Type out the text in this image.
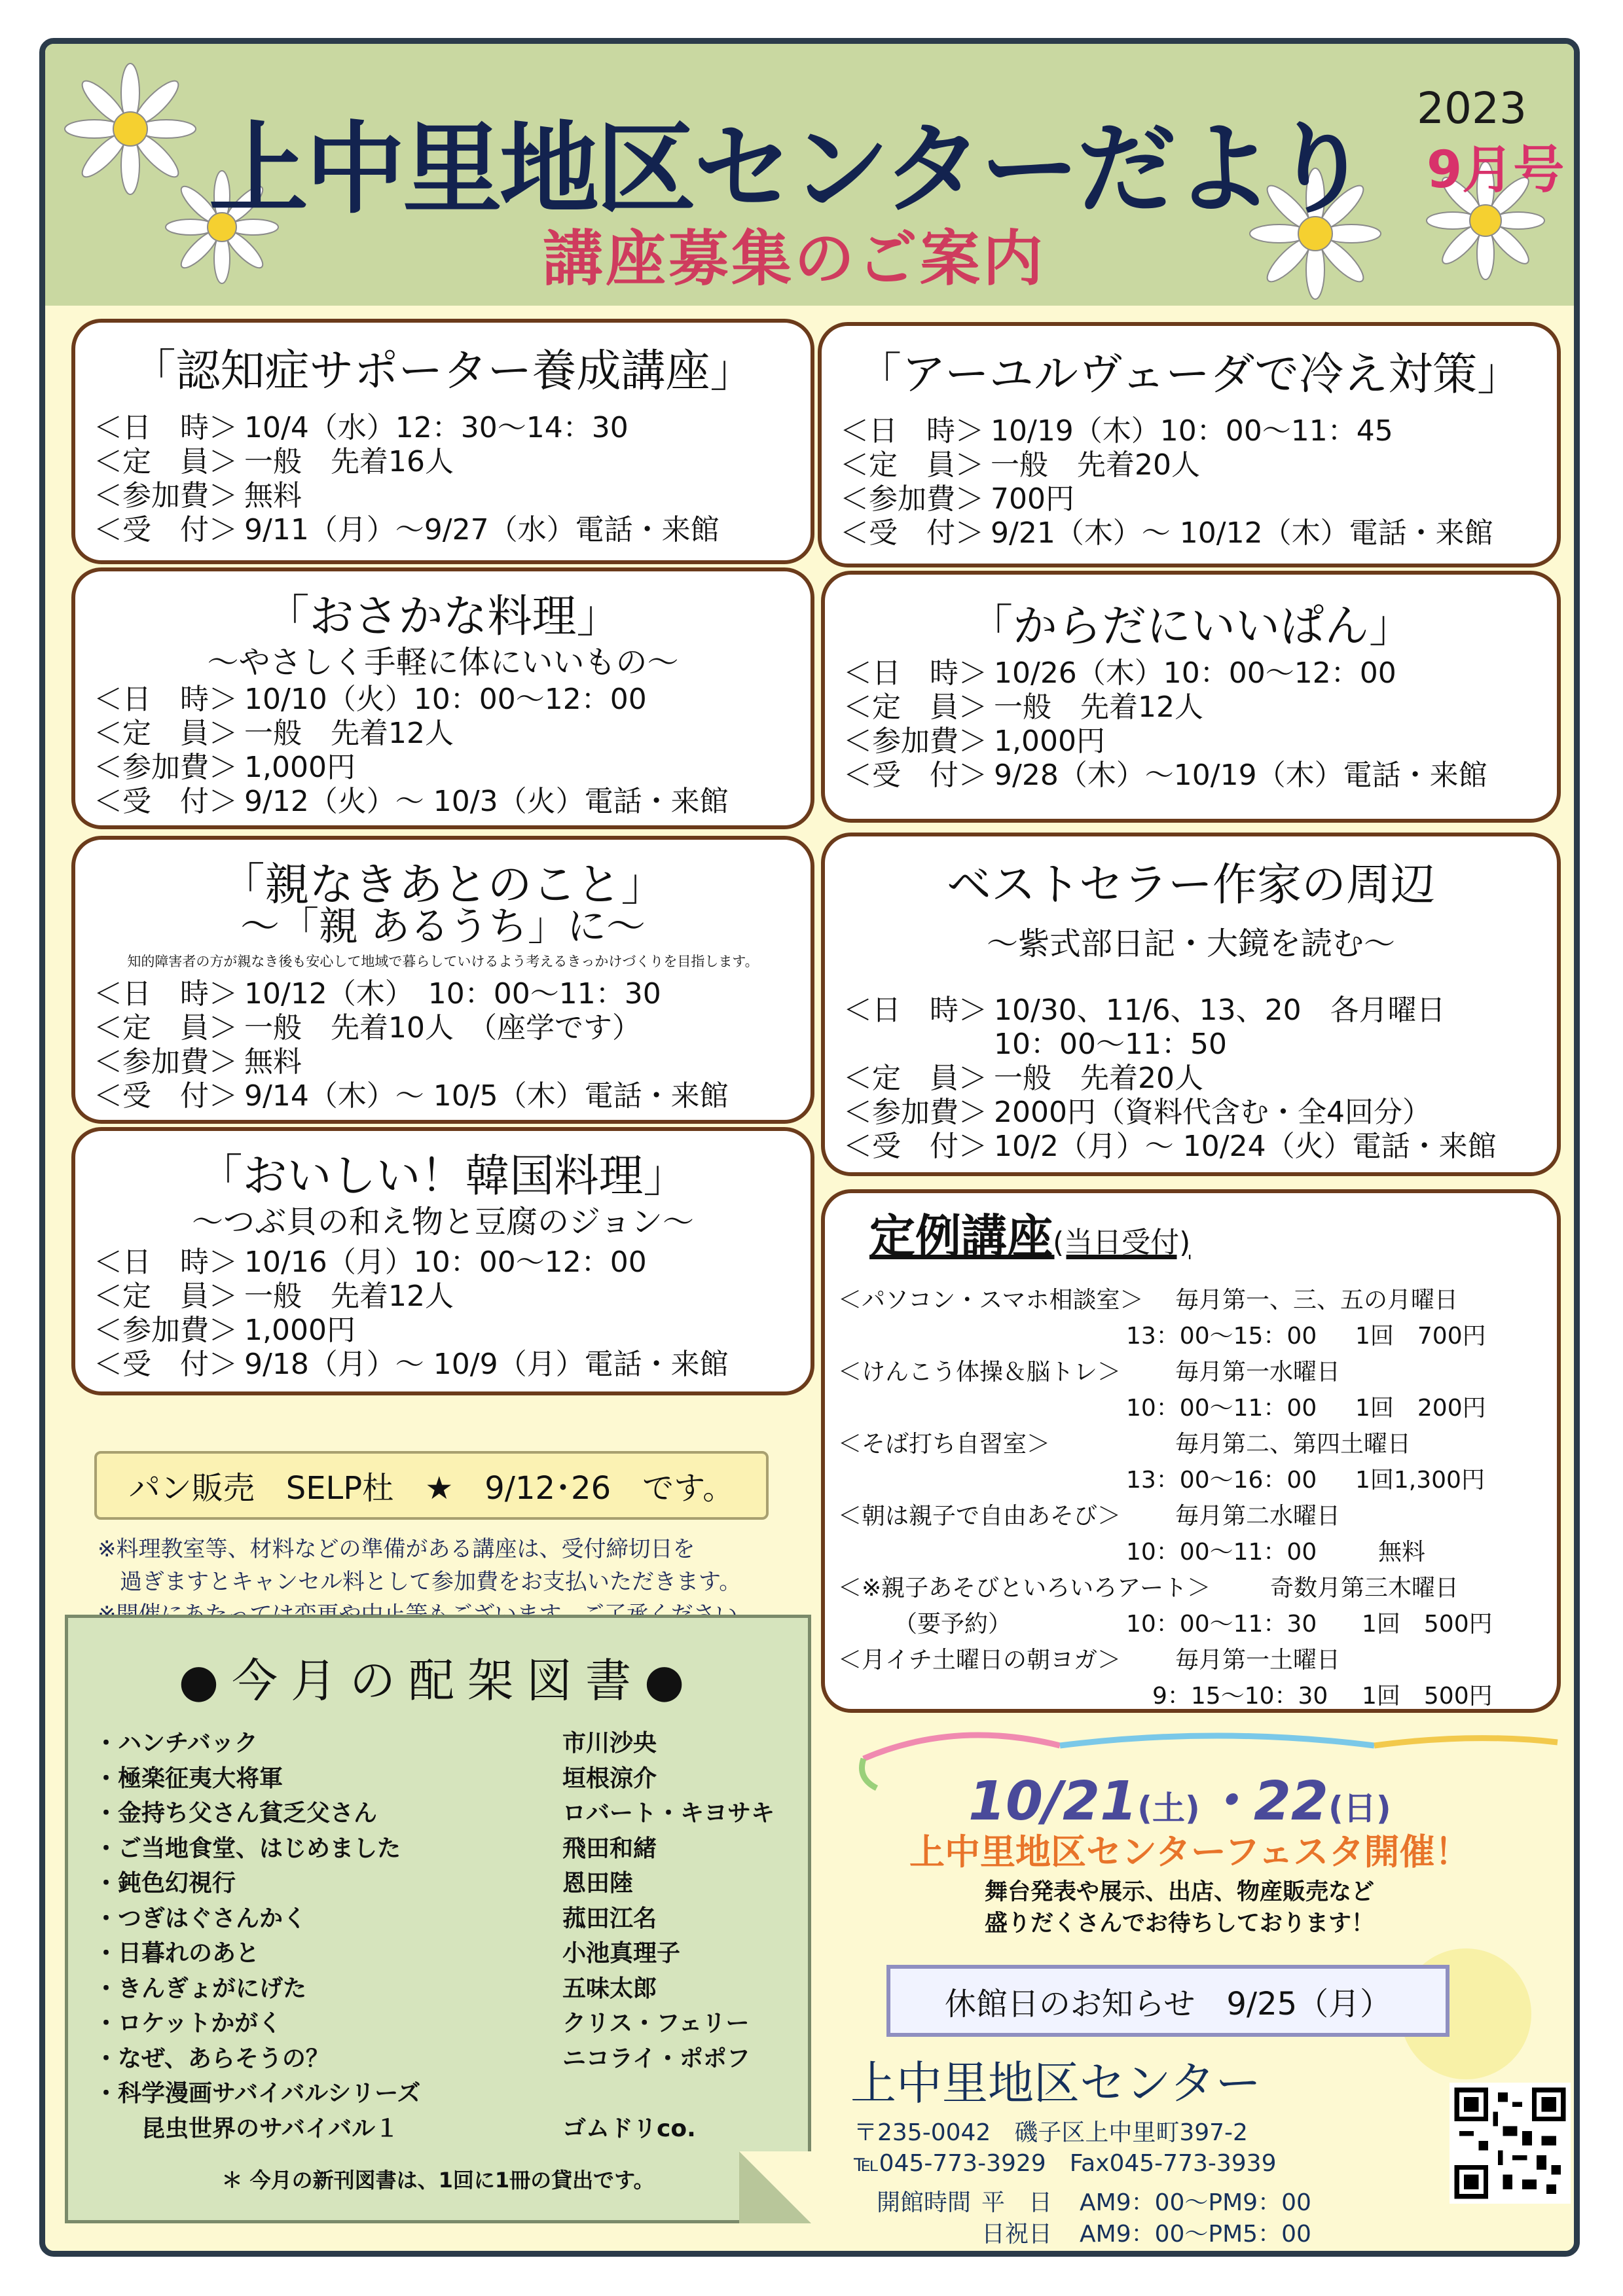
上中里地区センターだより
講座募集のご案内
2023
9月号
「認知症サポーター養成講座」
＜日　時＞ 10/4（水）12：30～14：30
＜定　員＞ 一般　先着16人
＜参加費＞ 無料
＜受　付＞ 9/11（月）～9/27（水）電話・来館
「アーユルヴェーダで冷え対策」
＜日　時＞ 10/19（木）10：00～11：45
＜定　員＞ 一般　先着20人
＜参加費＞ 700円
＜受　付＞ 9/21（木）～ 10/12（木）電話・来館
「おさかな料理」
～やさしく手軽に体にいいもの～
＜日　時＞ 10/10（火）10：00～12：00
＜定　員＞ 一般　先着12人
＜参加費＞ 1,000円
＜受　付＞ 9/12（火）～ 10/3（火）電話・来館
「からだにいいぱん」
＜日　時＞ 10/26（木）10：00～12：00
＜定　員＞ 一般　先着12人
＜参加費＞ 1,000円
＜受　付＞ 9/28（木）～10/19（木）電話・来館
「親なきあとのこと」
～「親 あるうち」に～
知的障害者の方が親なき後も安心して地域で暮らしていけるよう考えるきっかけづくりを目指します。
＜日　時＞ 10/12（木）　10：00～11：30
＜定　員＞ 一般　先着10人　（座学です）
＜参加費＞ 無料
＜受　付＞ 9/14（木）～ 10/5（木）電話・来館
ベストセラー作家の周辺
～紫式部日記・大鏡を読む～
＜日　時＞ 10/30、11/6、13、20　各月曜日
10：00～11：50
＜定　員＞ 一般　先着20人
＜参加費＞ 2000円（資料代含む・全4回分）
＜受　付＞ 10/2（月）～ 10/24（火）電話・来館
「おいしい！韓国料理」
～つぶ貝の和え物と豆腐のジョン～
＜日　時＞ 10/16（月）10：00～12：00
＜定　員＞ 一般　先着12人
＜参加費＞ 1,000円
＜受　付＞ 9/18（月）～ 10/9（月）電話・来館
定例講座(当日受付)
＜パソコン・スマホ相談室＞ 毎月第一、三、五の月曜日
13：00～15：00 1回　700円
＜けんこう体操＆脳トレ＞ 毎月第一水曜日
10：00～11：00 1回　200円
＜そば打ち自習室＞	毎月第二、第四土曜日
13：00～16：00 1回1,300円
＜朝は親子で自由あそび＞ 毎月第二水曜日
10：00～11：00	無料
＜※親子あそびといろいろアート＞	奇数月第三木曜日
（要予約）	10：00～11：30 1回　500円
＜月イチ土曜日の朝ヨガ＞ 毎月第一土曜日
9：15～10：30 1回　500円
パン販売　SELP杜　★　9/12･26　です。
※料理教室等、材料などの準備がある講座は、受付締切日を
過ぎますとキャンセル料として参加費をお支払いただきます。
●今月の配架図書●
・ハンチバック	市川沙央
・極楽征夷大将軍	垣根涼介
・金持ち父さん貧乏父さん	ロバート・キヨサキ
・ご当地食堂、はじめました	飛田和緒
・鈍色幻視行	恩田陸
・つぎはぐさんかく	菰田江名
・日暮れのあと	小池真理子
・きんぎょがにげた	五味太郎
・ロケットかがく	クリス・フェリー
・なぜ、あらそうの？	ニコライ・ポポフ
・科学漫画サバイバルシリーズ
　　昆虫世界のサバイバル１	ゴムドリco.
＊ 今月の新刊図書は、1回に1冊の貸出です。
10/21(土)・22(日)
上中里地区センターフェスタ開催！
舞台発表や展示、出店、物産販売など
盛りだくさんでお待ちしております！
休館日のお知らせ　9/25（月）
上中里地区センター
〒235-0042　磯子区上中里町397-2
℡045-773-3929　Fax045-773-3939
開館時間 平　日 AM9：00～PM9：00
日祝日 AM9：00～PM5：00
